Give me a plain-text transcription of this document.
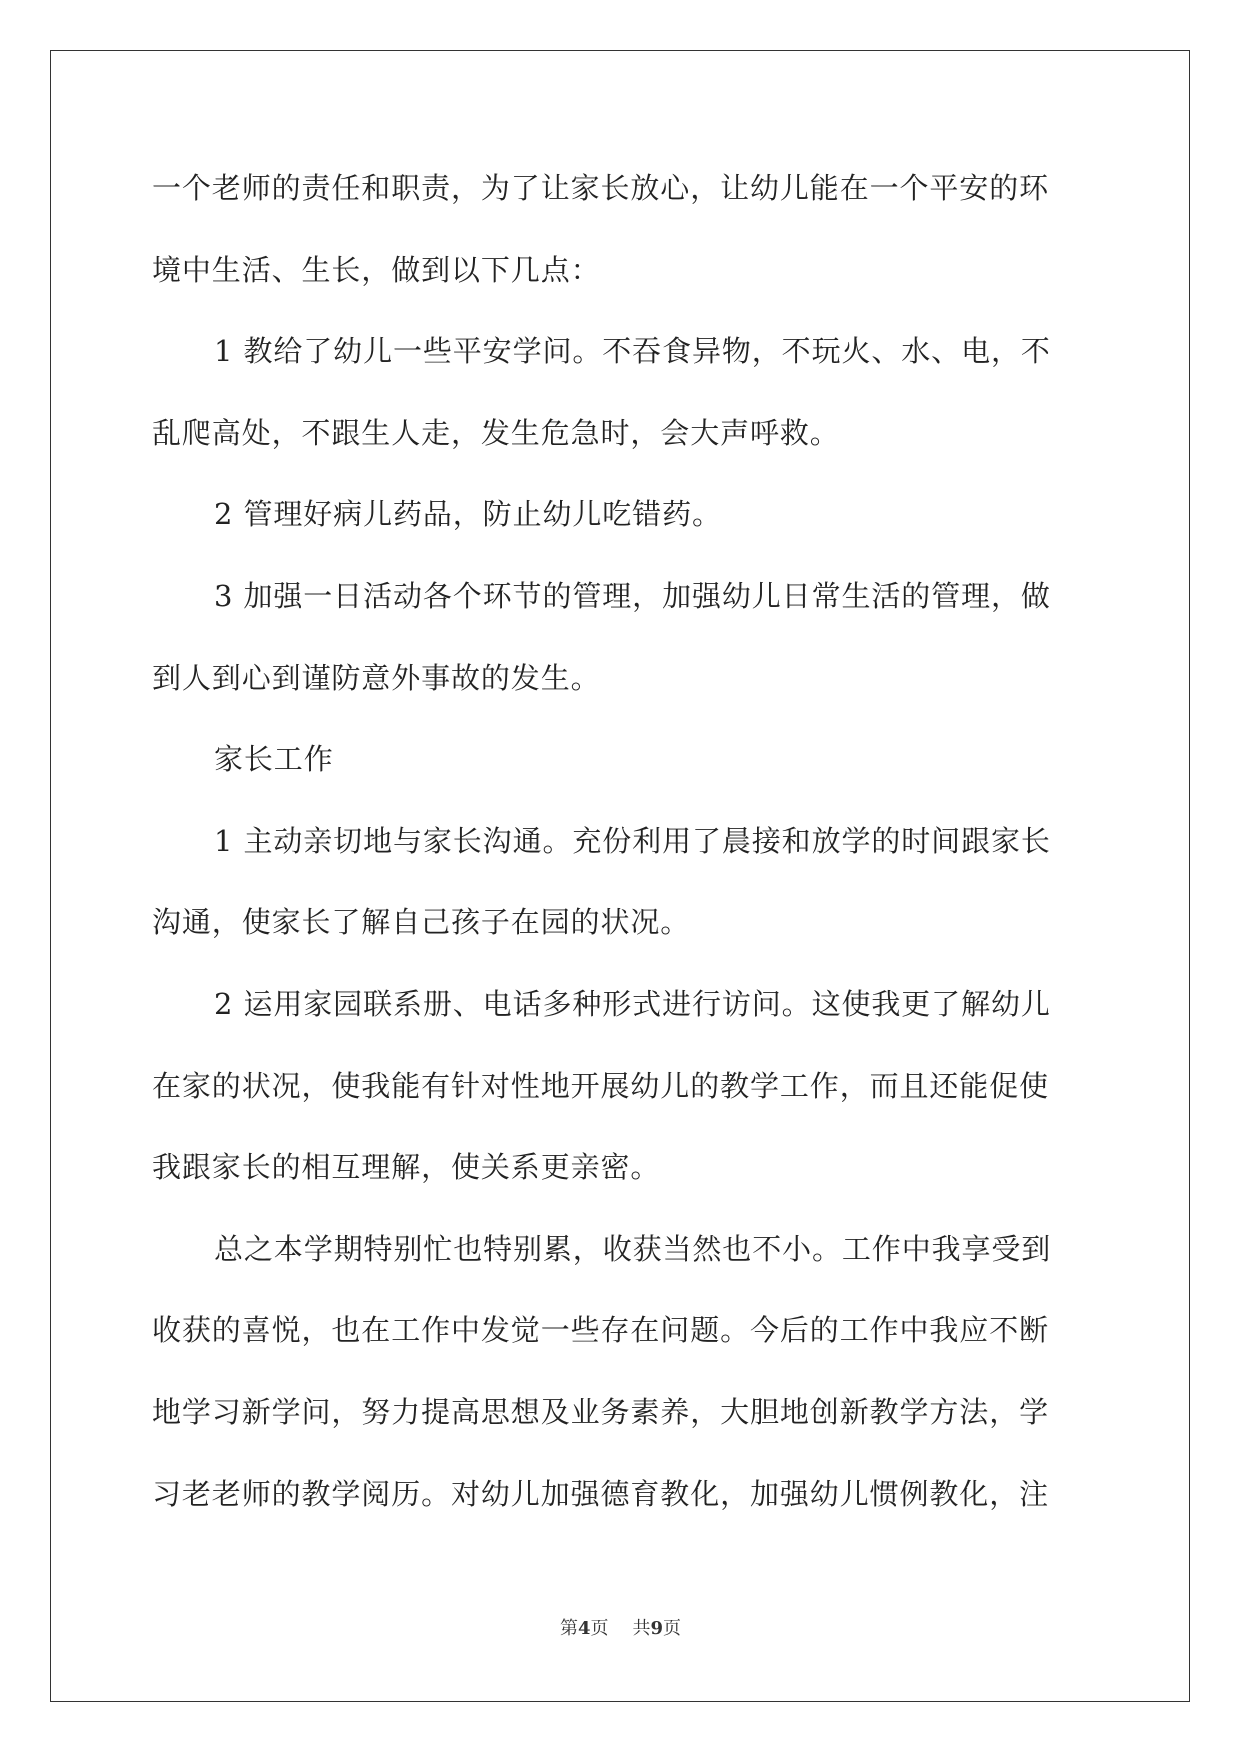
一个老师的责任和职责，为了让家长放心，让幼儿能在一个平安的环
境中生活、生长，做到以下几点：
1 教给了幼儿一些平安学问。不吞食异物，不玩火、水、电，不
乱爬高处，不跟生人走，发生危急时，会大声呼救。
2 管理好病儿药品，防止幼儿吃错药。
3 加强一日活动各个环节的管理，加强幼儿日常生活的管理，做
到人到心到谨防意外事故的发生。
家长工作
1 主动亲切地与家长沟通。充份利用了晨接和放学的时间跟家长
沟通，使家长了解自己孩子在园的状况。
2 运用家园联系册、电话多种形式进行访问。这使我更了解幼儿
在家的状况，使我能有针对性地开展幼儿的教学工作，而且还能促使
我跟家长的相互理解，使关系更亲密。
总之本学期特别忙也特别累，收获当然也不小。工作中我享受到
收获的喜悦，也在工作中发觉一些存在问题。今后的工作中我应不断
地学习新学问，努力提高思想及业务素养，大胆地创新教学方法，学
习老老师的教学阅历。对幼儿加强德育教化，加强幼儿惯例教化，注
第4页 共9页
